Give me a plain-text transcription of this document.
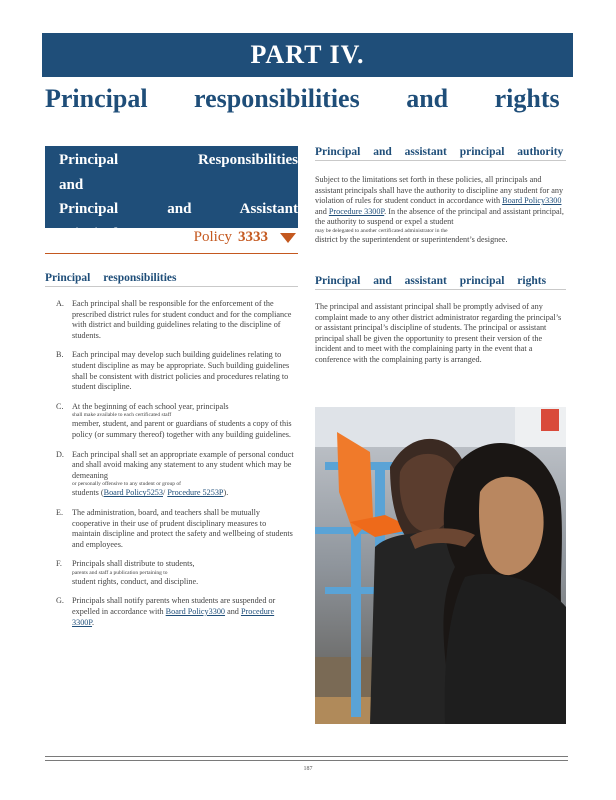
PART IV.
Principal responsibilities and rights
Principal Responsibilities and
Principal and Assistant Principal
Authority and Rights
Policy 3333
Principal responsibilities
A. Each principal shall be responsible for the enforcement of the prescribed district rules for student conduct and for the compliance with district and building guidelines relating to the discipline of students.
B. Each principal may develop such building guidelines relating to student discipline as may be appropriate. Such building guidelines shall be consistent with district policies and procedures relating to student discipline.
C. At the beginning of each school year, principals
shall make available to each certificated staff
member, student, and parent or guardians of students a copy of this policy (or summary thereof) together with any building guidelines.
D. Each principal shall set an appropriate example of personal conduct and shall avoid making any statement to any student which may be demeaning
or personally offensive to any student or group of
students (Board Policy5253/ Procedure 5253P).
E. The administration, board, and teachers shall be mutually cooperative in their use of prudent disciplinary measures to maintain discipline and protect the safety and wellbeing of students and employees.
F. Principals shall distribute to students,
parents and staff a publication pertaining to
student rights, conduct, and discipline.
G. Principals shall notify parents when students are suspended or expelled in accordance with Board Policy3300 and Procedure 3300P.
Principal and assistant principal authority

Subject to the limitations set forth in these policies, all principals and assistant principals shall have the authority to discipline any student for any violation of rules for student conduct in accordance with Board Policy3300 and Procedure 3300P. In the absence of the principal and assistant principal, the authority to suspend or expel a student
may be delegated to another certificated administrator in the
district by the superintendent or superintendent’s designee.

Principal and assistant principal rights

The principal and assistant principal shall be promptly advised of any complaint made to any other district administrator regarding the principal’s or assistant principal’s discipline of students. The principal or assistant principal shall be given the opportunity to present their version of the incident and to meet with the complaining party in the event that a conference with the complaining party is arranged.

187
